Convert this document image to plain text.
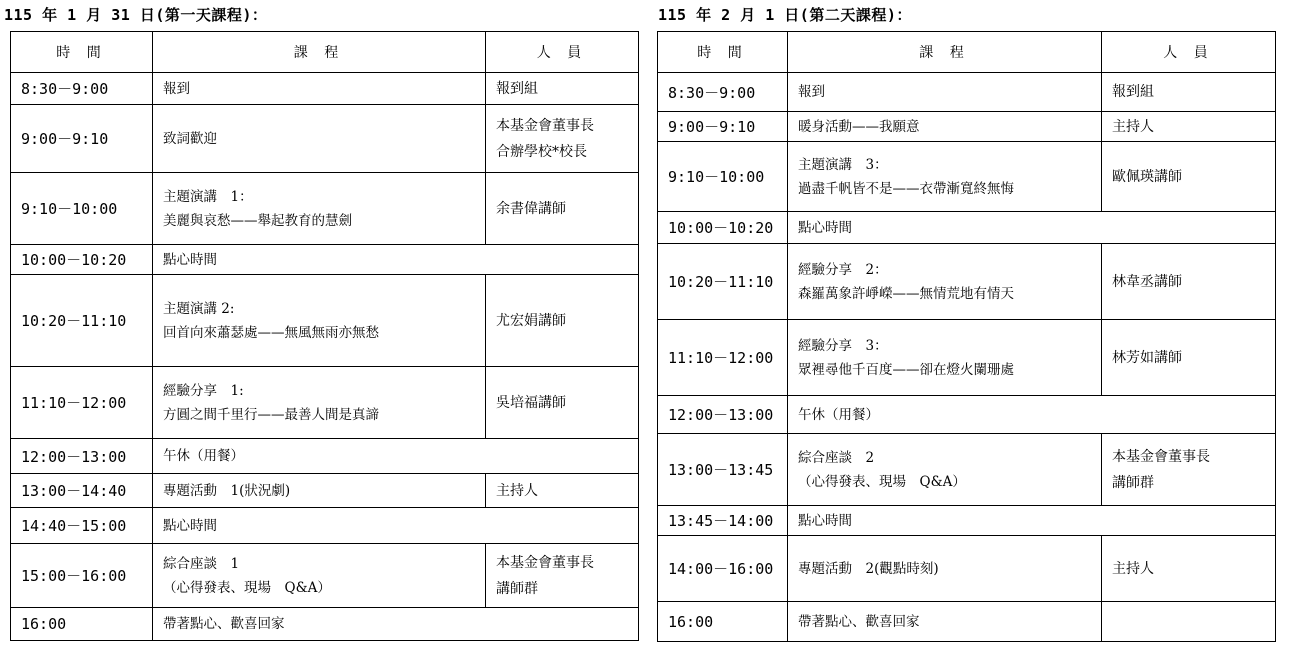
115 年 1 月 31 日(第一天課程)：
時 間	課 程	人 員
8:30－9:00	報到	報到組

9:00－9:10	致詞歡迎	本基金會董事長
合辦學校*校長

9:10－10:00	主題演講　1：
美麗與哀愁——舉起教育的慧劍	余書偉講師

10:00－10:20	點心時間	

10:20－11:10	主題演講 2:
回首向來蕭瑟處——無風無雨亦無愁	尤宏娟講師

11:10－12:00	經驗分享　1:
方圓之間千里行——最善人間是真諦	吳培福講師

12:00－13:00	午休（用餐）	

13:00－14:40	專題活動　1(狀況劇)	主持人

14:40－15:00	點心時間	

15:00－16:00	綜合座談　1
（心得發表、現場　Q&A）	本基金會董事長
講師群

16:00	帶著點心、歡喜回家	
115 年 2 月 1 日(第二天課程)：
時 間	課 程	人 員
8:30－9:00	報到	報到組

9:00－9:10	暖身活動——我願意	主持人

9:10－10:00	主題演講　3：
過盡千帆皆不是——衣帶漸寬終無悔	歐佩瑛講師

10:00－10:20	點心時間	

10:20－11:10	經驗分享　2：
森羅萬象許崢嶸——無情荒地有情天	林韋丞講師

11:10－12:00	經驗分享　3：
眾裡尋他千百度——卻在燈火闌珊處	林芳如講師

12:00－13:00	午休（用餐）	

13:00－13:45	綜合座談　2
（心得發表、現場　Q&A）	本基金會董事長
講師群

13:45－14:00	點心時間	

14:00－16:00	專題活動　2(觀點時刻)	主持人

16:00	帶著點心、歡喜回家	
